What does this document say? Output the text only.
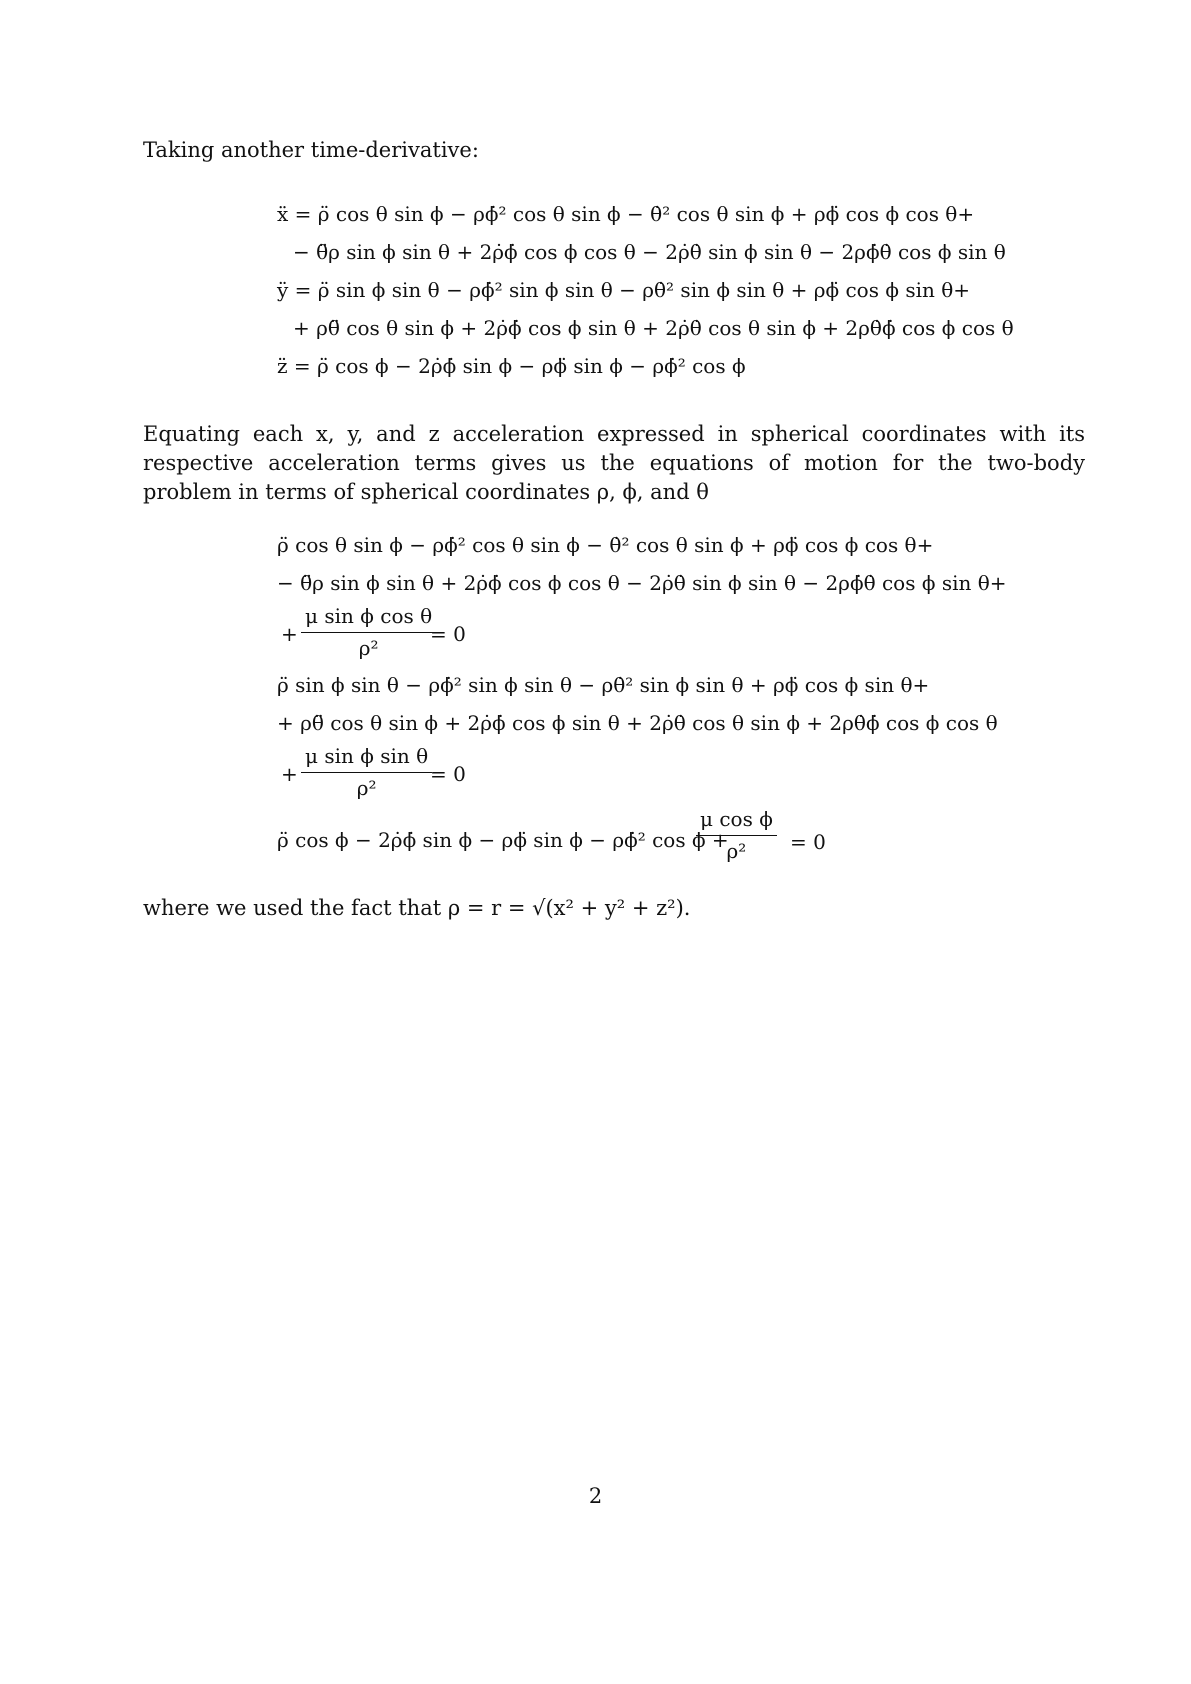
Taking another time-derivative:
ẍ = ρ̈ cos θ sin ϕ − ρϕ̇² cos θ sin ϕ − θ̇² cos θ sin ϕ + ρϕ̈ cos ϕ cos θ+
− θ̈ρ sin ϕ sin θ + 2ρ̇ϕ̇ cos ϕ cos θ − 2ρ̇θ̇ sin ϕ sin θ − 2ρϕ̇θ̇ cos ϕ sin θ
ÿ = ρ̈ sin ϕ sin θ − ρϕ̇² sin ϕ sin θ − ρθ̇² sin ϕ sin θ + ρϕ̈ cos ϕ sin θ+
+ ρθ̈ cos θ sin ϕ + 2ρ̇ϕ̇ cos ϕ sin θ + 2ρ̇θ̇ cos θ sin ϕ + 2ρθ̇ϕ̇ cos ϕ cos θ
z̈ = ρ̈ cos ϕ − 2ρ̇ϕ̇ sin ϕ − ρϕ̈ sin ϕ − ρϕ̇² cos ϕ
Equating each x, y, and z acceleration expressed in spherical coordinates with its respective acceleration terms gives us the equations of motion for the two-body problem in terms of spherical coordinates ρ, ϕ, and θ
ρ̈ cos θ sin ϕ − ρϕ̇² cos θ sin ϕ − θ̇² cos θ sin ϕ + ρϕ̈ cos ϕ cos θ+
− θ̈ρ sin ϕ sin θ + 2ρ̇ϕ̇ cos ϕ cos θ − 2ρ̇θ̇ sin ϕ sin θ − 2ρϕ̇θ̇ cos ϕ sin θ+
+ $\frac{\text{μ sin ϕ cos θ}}{\text{ρ²}}$
= 0
ρ̈ sin ϕ sin θ − ρϕ̇² sin ϕ sin θ − ρθ̇² sin ϕ sin θ + ρϕ̈ cos ϕ sin θ+
+ ρθ̈ cos θ sin ϕ + 2ρ̇ϕ̇ cos ϕ sin θ + 2ρ̇θ̇ cos θ sin ϕ + 2ρθ̇ϕ̇ cos ϕ cos θ
+ $\frac{\text{μ sin ϕ sin θ}}{\text{ρ²}}$
= 0
ρ̈ cos ϕ − 2ρ̇ϕ̇ sin ϕ − ρϕ̈ sin ϕ − ρϕ̇² cos ϕ +
$\frac{\text{μ cos ϕ}}{\text{ρ²}} = 0$
where we used the fact that ρ = r = √(x² + y² + z²).
2
